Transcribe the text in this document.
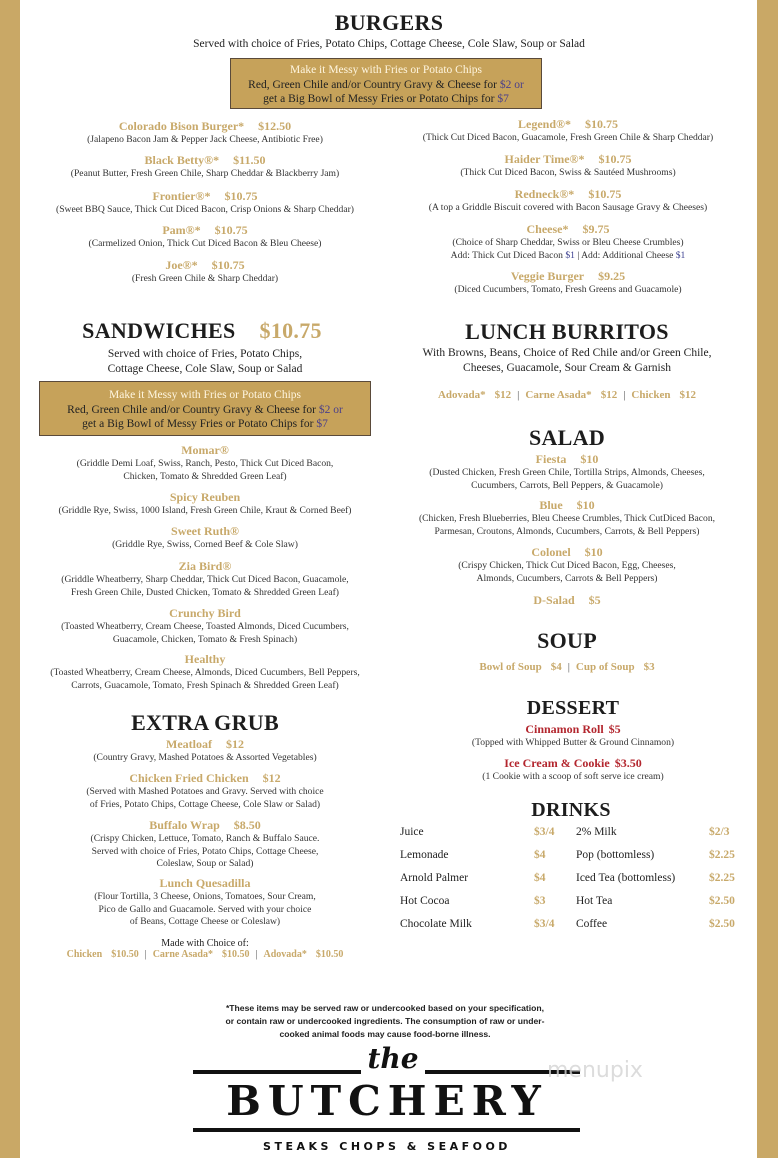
BURGERS
Served with choice of Fries, Potato Chips, Cottage Cheese, Cole Slaw, Soup or Salad
Make it Messy with Fries or Potato Chips
Red, Green Chile and/or Country Gravy & Cheese for $2 or
get a Big Bowl of Messy Fries or Potato Chips for $7
SANDWICHES $10.75
Served with choice of Fries, Potato Chips,
Cottage Cheese, Cole Slaw, Soup or Salad
Make it Messy with Fries or Potato Chips
Red, Green Chile and/or Country Gravy & Cheese for $2 or
get a Big Bowl of Messy Fries or Potato Chips for $7
EXTRA GRUB
Made with Choice of:
Chicken $10.50 | Carne Asada* $10.50 | Adovada* $10.50
LUNCH BURRITOS
With Browns, Beans, Choice of Red Chile and/or Green Chile,
Cheeses, Guacamole, Sour Cream & Garnish
Adovada* $12 | Carne Asada* $12 | Chicken $12
SALAD
SOUP
Bowl of Soup $4 | Cup of Soup $3
DESSERT
DRINKS
Juice	$3/4 2% Milk	$2/3
Lemonade	$4	Pop (bottomless)	$2.25
Arnold Palmer	$4	Iced Tea (bottomless)	$2.25
Hot Cocoa	$3	Hot Tea	$2.50
Chocolate Milk	$3/4 Coffee	$2.50
*These items may be served raw or undercooked based on your specification,
or contain raw or undercooked ingredients. The consumption of raw or under-
cooked animal foods may cause food-borne illness.
the
BUTCHERY
STEAKS CHOPS & SEAFOOD
menupix
Colorado Bison Burger* $12.50
(Jalapeno Bacon Jam & Pepper Jack Cheese, Antibiotic Free)
Black Betty®* $11.50
(Peanut Butter, Fresh Green Chile, Sharp Cheddar & Blackberry Jam)
Frontier®* $10.75
(Sweet BBQ Sauce, Thick Cut Diced Bacon, Crisp Onions & Sharp Cheddar)
Pam®* $10.75
(Carmelized Onion, Thick Cut Diced Bacon & Bleu Cheese)
Joe®* $10.75
(Fresh Green Chile & Sharp Cheddar)
Legend®* $10.75
(Thick Cut Diced Bacon, Guacamole, Fresh Green Chile & Sharp Cheddar)
Haider Time®* $10.75
(Thick Cut Diced Bacon, Swiss & Sautéed Mushrooms)
Redneck®* $10.75
(A top a Griddle Biscuit covered with Bacon Sausage Gravy & Cheeses)
Cheese* $9.75
(Choice of Sharp Cheddar, Swiss or Bleu Cheese Crumbles)
Add: Thick Cut Diced Bacon $1 | Add: Additional Cheese $1
Veggie Burger $9.25
(Diced Cucumbers, Tomato, Fresh Greens and Guacamole)
Momar®
(Griddle Demi Loaf, Swiss, Ranch, Pesto, Thick Cut Diced Bacon,
Chicken, Tomato & Shredded Green Leaf)
Spicy Reuben
(Griddle Rye, Swiss, 1000 Island, Fresh Green Chile, Kraut & Corned Beef)
Sweet Ruth®
(Griddle Rye, Swiss, Corned Beef & Cole Slaw)
Zia Bird®
(Griddle Wheatberry, Sharp Cheddar, Thick Cut Diced Bacon, Guacamole,
Fresh Green Chile, Dusted Chicken, Tomato & Shredded Green Leaf)
Crunchy Bird
(Toasted Wheatberry, Cream Cheese, Toasted Almonds, Diced Cucumbers,
Guacamole, Chicken, Tomato & Fresh Spinach)
Healthy
(Toasted Wheatberry, Cream Cheese, Almonds, Diced Cucumbers, Bell Peppers,
Carrots, Guacamole, Tomato, Fresh Spinach & Shredded Green Leaf)
Meatloaf $12
(Country Gravy, Mashed Potatoes & Assorted Vegetables)
Chicken Fried Chicken $12
(Served with Mashed Potatoes and Gravy. Served with choice
of Fries, Potato Chips, Cottage Cheese, Cole Slaw or Salad)
Buffalo Wrap $8.50
(Crispy Chicken, Lettuce, Tomato, Ranch & Buffalo Sauce.
Served with choice of Fries, Potato Chips, Cottage Cheese,
Coleslaw, Soup or Salad)
Lunch Quesadilla
(Flour Tortilla, 3 Cheese, Onions, Tomatoes, Sour Cream,
Pico de Gallo and Guacamole. Served with your choice
of Beans, Cottage Cheese or Coleslaw)
Fiesta $10
(Dusted Chicken, Fresh Green Chile, Tortilla Strips, Almonds, Cheeses,
Cucumbers, Carrots, Bell Peppers, & Guacamole)
Blue $10
(Chicken, Fresh Blueberries, Bleu Cheese Crumbles, Thick CutDiced Bacon,
Parmesan, Croutons, Almonds, Cucumbers, Carrots, & Bell Peppers)
Colonel $10
(Crispy Chicken, Thick Cut Diced Bacon, Egg, Cheeses,
Almonds, Cucumbers, Carrots & Bell Peppers)
D-Salad $5
Cinnamon Roll $5
(Topped with Whipped Butter & Ground Cinnamon)
Ice Cream & Cookie $3.50
(1 Cookie with a scoop of soft serve ice cream)
